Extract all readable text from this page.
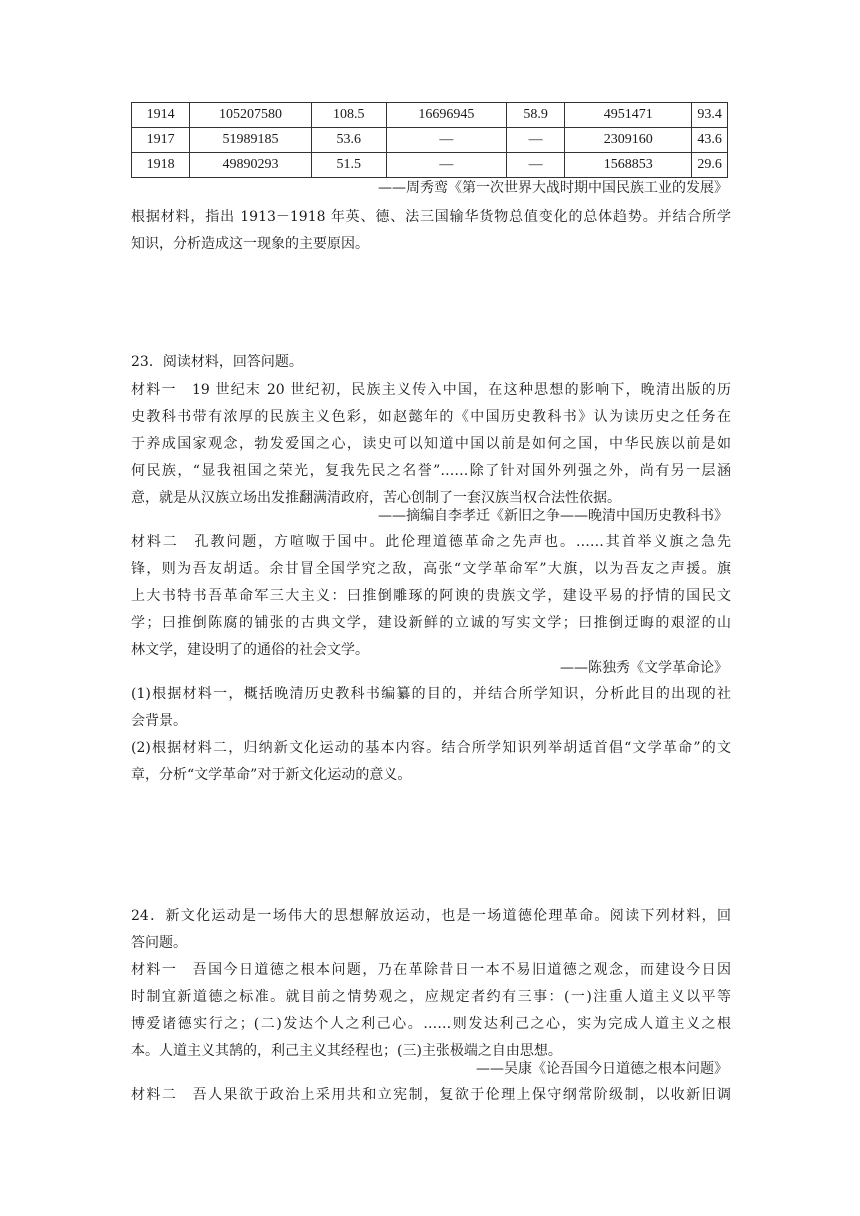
1914	105207580	108.5	16696945	58.9	4951471	93.4
1917	51989185	53.6	—	—	2309160	43.6
1918	49890293	51.5	—	—	1568853	29.6
——周秀鸾《第一次世界大战时期中国民族工业的发展》
根据材料，指出 1913－1918 年英、德、法三国输华货物总值变化的总体趋势。并结合所学
知识，分析造成这一现象的主要原因。
23．阅读材料，回答问题。
材料一　19 世纪末 20 世纪初，民族主义传入中国，在这种思想的影响下，晚清出版的历
史教科书带有浓厚的民族主义色彩，如赵懿年的《中国历史教科书》认为读历史之任务在
于养成国家观念，勃发爱国之心，读史可以知道中国以前是如何之国，中华民族以前是如
何民族，“显我祖国之荣光，复我先民之名誉”……除了针对国外列强之外，尚有另一层涵
意，就是从汉族立场出发推翻满清政府，苦心创制了一套汉族当权合法性依据。
——摘编自李孝迁《新旧之争——晚清中国历史教科书》
材料二　孔教问题，方喧呶于国中。此伦理道德革命之先声也。……其首举义旗之急先
锋，则为吾友胡适。余甘冒全国学究之敌，高张“文学革命军”大旗，以为吾友之声援。旗
上大书特书吾革命军三大主义：曰推倒雕琢的阿谀的贵族文学，建设平易的抒情的国民文
学；曰推倒陈腐的铺张的古典文学，建设新鲜的立诚的写实文学；曰推倒迂晦的艰涩的山
林文学，建设明了的通俗的社会文学。
——陈独秀《文学革命论》
(1)根据材料一，概括晚清历史教科书编纂的目的，并结合所学知识，分析此目的出现的社
会背景。
(2)根据材料二，归纳新文化运动的基本内容。结合所学知识列举胡适首倡“文学革命”的文
章，分析“文学革命”对于新文化运动的意义。
24．新文化运动是一场伟大的思想解放运动，也是一场道德伦理革命。阅读下列材料，回
答问题。
材料一　吾国今日道德之根本问题，乃在革除昔日一本不易旧道德之观念，而建设今日因
时制宜新道德之标准。就目前之情势观之，应规定者约有三事：(一)注重人道主义以平等
博爱诸德实行之；(二)发达个人之利己心。……则发达利己之心，实为完成人道主义之根
本。人道主义其鹄的，利己主义其经程也；(三)主张极端之自由思想。
——吴康《论吾国今日道德之根本问题》
材料二　吾人果欲于政治上采用共和立宪制，复欲于伦理上保守纲常阶级制，以收新旧调
